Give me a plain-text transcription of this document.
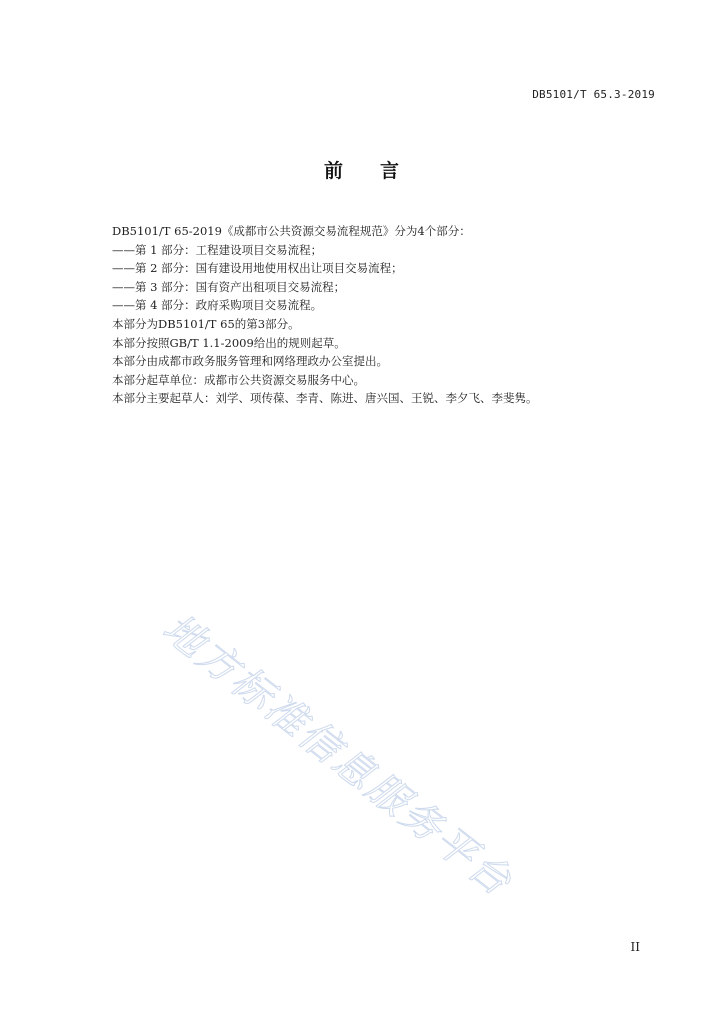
DB5101/T 65.3-2019
前 言

DB5101/T 65-2019《成都市公共资源交易流程规范》分为4个部分：

——第 1 部分：工程建设项目交易流程；

——第 2 部分：国有建设用地使用权出让项目交易流程；

——第 3 部分：国有资产出租项目交易流程；

——第 4 部分：政府采购项目交易流程。

本部分为DB5101/T 65的第3部分。

本部分按照GB/T 1.1-2009给出的规则起草。

本部分由成都市政务服务管理和网络理政办公室提出。

本部分起草单位：成都市公共资源交易服务中心。

本部分主要起草人：刘学、项传葆、李青、陈进、唐兴国、王锐、李夕飞、李斐隽。

地方标准信息服务平台
II
